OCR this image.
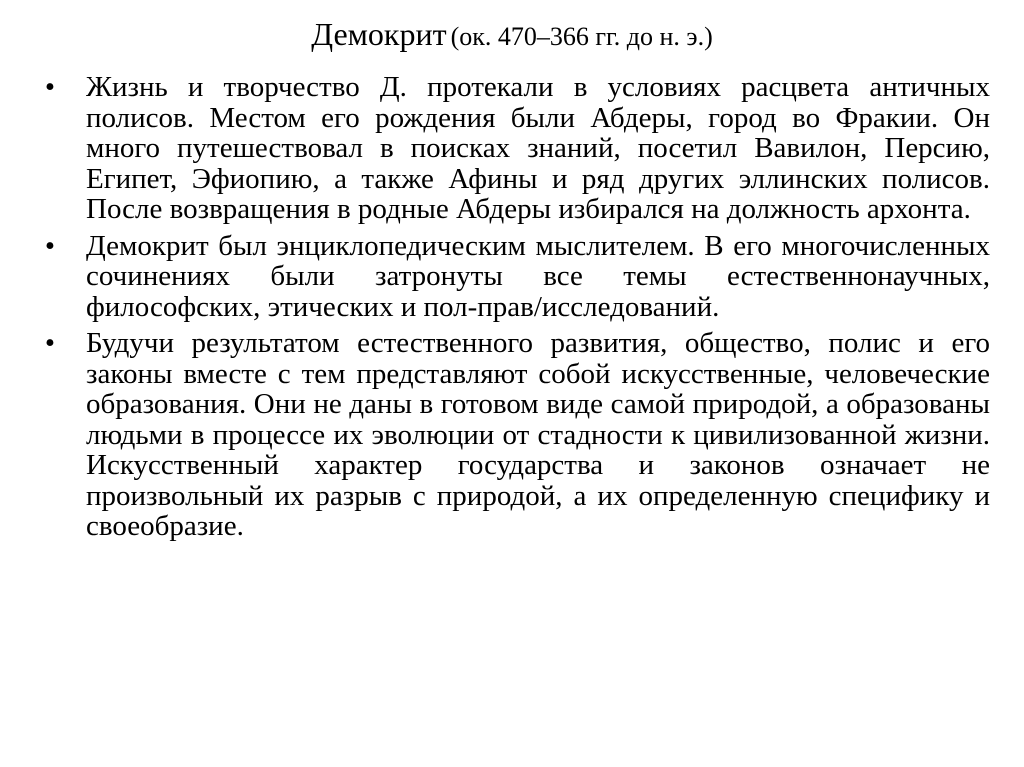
Демокрит (ок. 470–366 гг. до н. э.)
• Жизнь и творчество Д. протекали в условиях расцвета античных полисов. Местом его рождения были Абдеры, город во Фракии. Он много путешествовал в поисках знаний, посетил Вавилон, Персию, Египет, Эфиопию, а также Афины и ряд других эллинских полисов. После возвращения в родные Абдеры избирался на должность архонта.
• Демокрит был энциклопедическим мыслителем. В его многочисленных сочинениях были затронуты все темы естественнонаучных, философских, этических и пол-прав/исследований.
• Будучи результатом естественного развития, общество, полис и его законы вместе с тем представляют собой искусственные, человеческие образования. Они не даны в готовом виде самой природой, а образованы людьми в процессе их эволюции от стадности к цивилизованной жизни. Искусственный характер государства и законов означает не произвольный их разрыв с природой, а их определенную специфику и своеобразие.
